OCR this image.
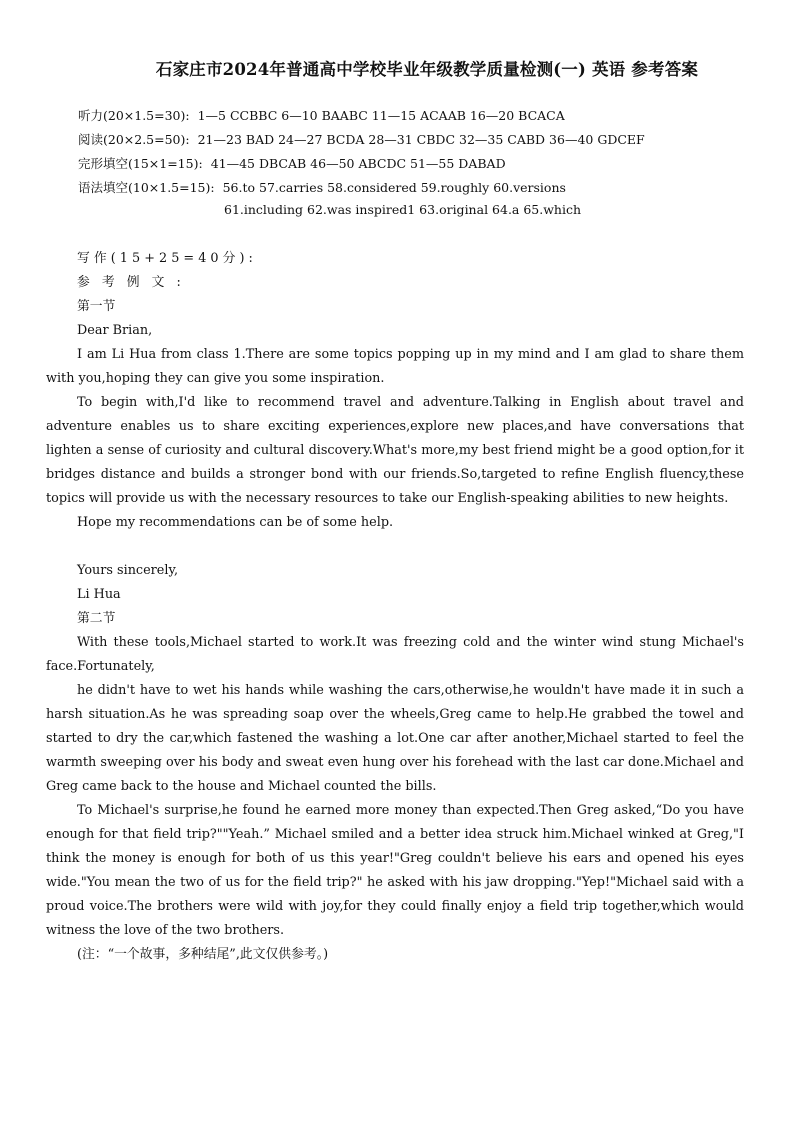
石家庄市2024年普通高中学校毕业年级教学质量检测(一) 英语 参考答案
听力(20×1.5=30): 1—5 CCBBC 6—10 BAABC 11—15 ACAAB 16—20 BCACA
阅读(20×2.5=50): 21—23 BAD 24—27 BCDA 28—31 CBDC 32—35 CABD 36—40 GDCEF
完形填空(15×1=15): 41—45 DBCAB 46—50 ABCDC 51—55 DABAD
语法填空(10×1.5=15): 56.to 57.carries 58.considered 59.roughly 60.versions
61.including 62.was inspired1 63.original 64.a 65.which

写 作 ( 1 5 + 2 5 = 4 0 分 ) :

参 考 例 文 :

第一节

Dear Brian,

I am Li Hua from class 1.There are some topics popping up in my mind and I am glad to share them with you,hoping they can give you some inspiration.

To begin with,I'd like to recommend travel and adventure.Talking in English about travel and adventure enables us to share exciting experiences,explore new places,and have conversations that lighten a sense of curiosity and cultural discovery.What's more,my best friend might be a good option,for it bridges distance and builds a stronger bond with our friends.So,targeted to refine English fluency,these topics will provide us with the necessary resources to take our English-speaking abilities to new heights.

Hope my recommendations can be of some help.

Yours sincerely,

Li Hua

第二节

With these tools,Michael started to work.It was freezing cold and the winter wind stung Michael's face.Fortunately,

he didn't have to wet his hands while washing the cars,otherwise,he wouldn't have made it in such a harsh situation.As he was spreading soap over the wheels,Greg came to help.He grabbed the towel and started to dry the car,which fastened the washing a lot.One car after another,Michael started to feel the warmth sweeping over his body and sweat even hung over his forehead with the last car done.Michael and Greg came back to the house and Michael counted the bills.

To Michael's surprise,he found he earned more money than expected.Then Greg asked,“Do you have enough for that field trip?""Yeah.” Michael smiled and a better idea struck him.Michael winked at Greg,"I think the money is enough for both of us this year!"Greg couldn't believe his ears and opened his eyes wide."You mean the two of us for the field trip?" he asked with his jaw dropping."Yep!"Michael said with a proud voice.The brothers were wild with joy,for they could finally enjoy a field trip together,which would witness the love of the two brothers.

(注：“一个故事，多种结尾”,此文仅供参考。)
